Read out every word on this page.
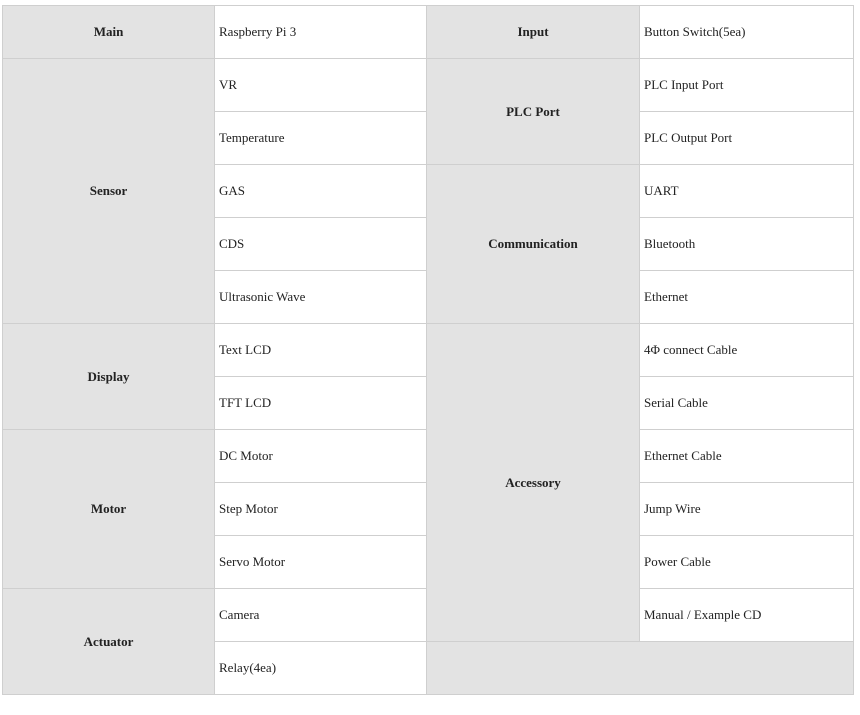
Main	Raspberry Pi 3	Input	Button Switch(5ea)
Sensor	VR	PLC Port	PLC Input Port
	Temperature		PLC Output Port
	GAS	Communication	UART
	CDS		Bluetooth
	Ultrasonic Wave		Ethernet
Display	Text LCD	Accessory	4Φ connect Cable
	TFT LCD		Serial Cable
Motor	DC Motor		Ethernet Cable
	Step Motor		Jump Wire
	Servo Motor		Power Cable
Actuator	Camera		Manual / Example CD
	Relay(4ea)		
